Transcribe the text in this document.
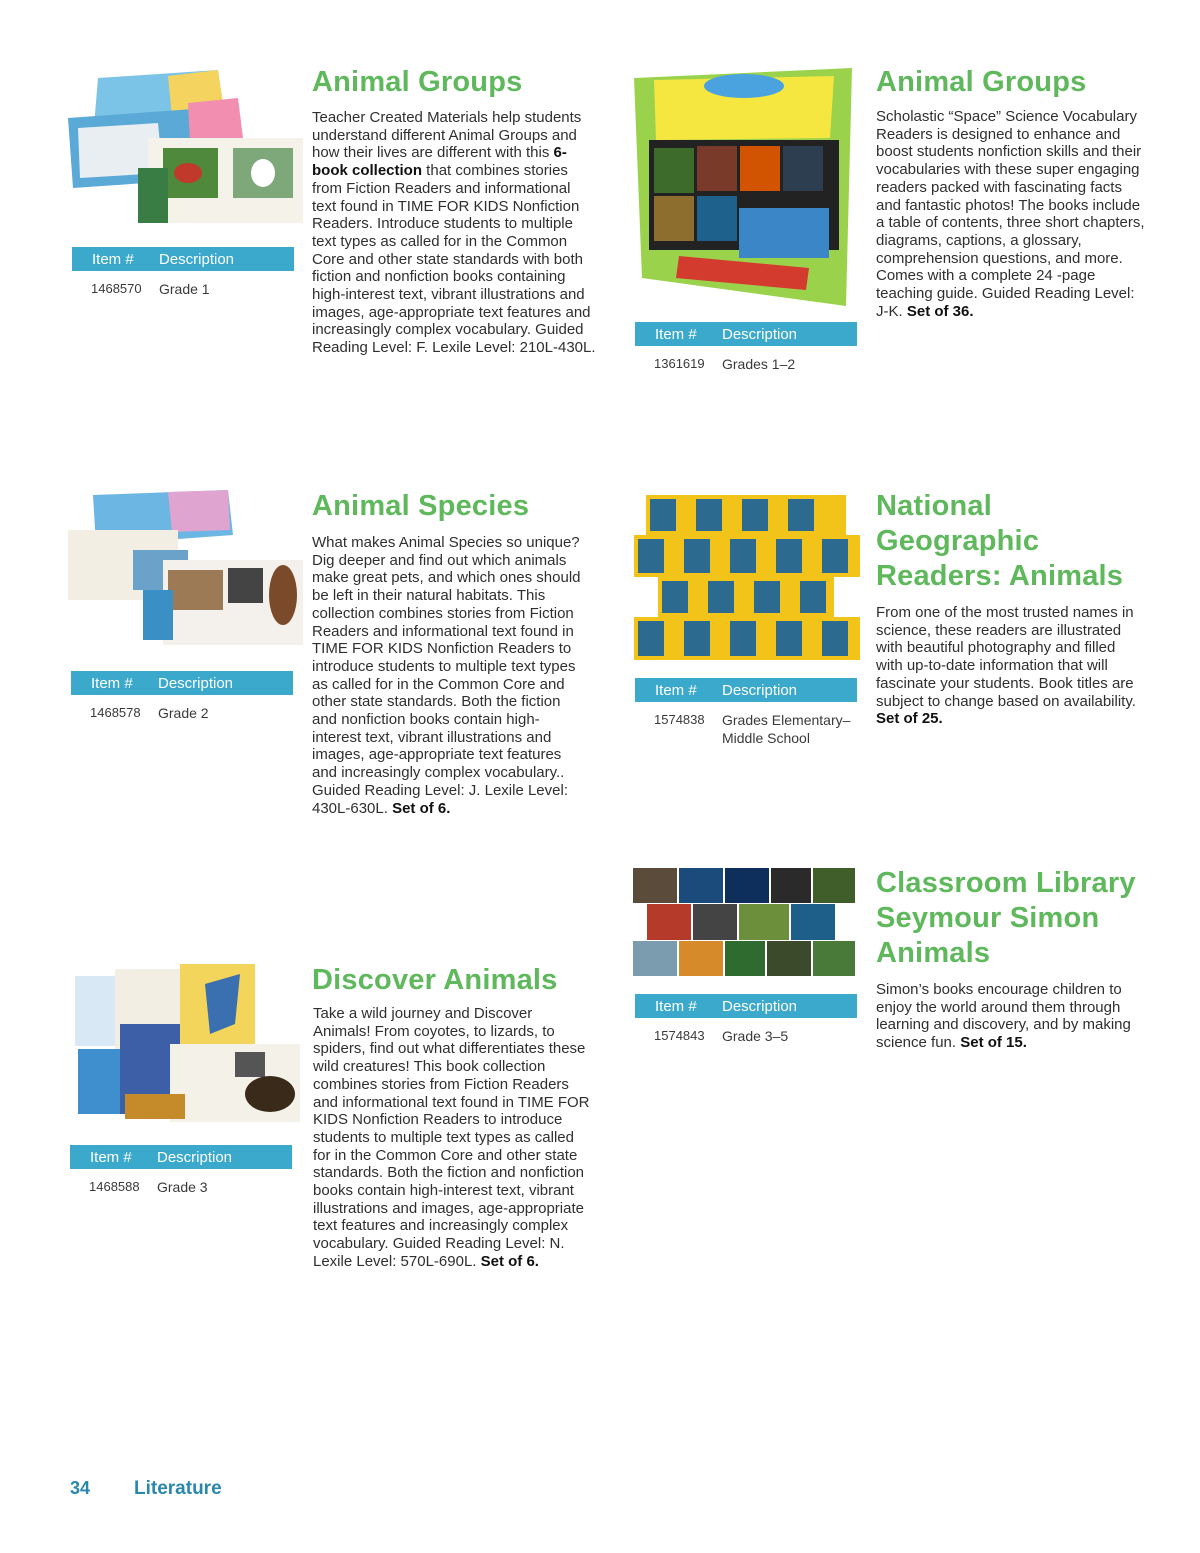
Item #	Description
1468570	Grade 1
Animal Groups

Teacher Created Materials help students understand different Animal Groups and how their lives are different with this 6-book collection that combines stories from Fiction Readers and informational text found in TIME FOR KIDS Nonfiction Readers. Introduce students to multiple text types as called for in the Common Core and other state standards with both fiction and nonfiction books containing high-interest text, vibrant illustrations and images, age-appropriate text features and increasingly complex vocabulary. Guided Reading Level: F. Lexile Level: 210L-430L.

Item #	Description
1361619	Grades 1–2
Animal Groups

Scholastic “Space” Science Vocabulary Readers is designed to enhance and boost students nonfiction skills and their vocabularies with these super engaging readers packed with fascinating facts and fantastic photos! The books include a table of contents, three short chapters, diagrams, captions, a glossary, comprehension questions, and more. Comes with a complete 24 -page teaching guide. Guided Reading Level: J-K. Set of 36.

Item #	Description
1468578	Grade 2
Animal Species

What makes Animal Species so unique? Dig deeper and find out which animals make great pets, and which ones should be left in their natural habitats. This collection combines stories from Fiction Readers and informational text found in TIME FOR KIDS Nonfiction Readers to introduce students to multiple text types as called for in the Common Core and other state standards. Both the fiction and nonfiction books contain high-interest text, vibrant illustrations and images, age-appropriate text features and increasingly complex vocabulary.. Guided Reading Level: J. Lexile Level: 430L-630L. Set of 6.

Item #	Description
1574838	Grades Elementary– Middle School
National Geographic Readers: Animals

From one of the most trusted names in science, these readers are illustrated with beautiful photography and filled with up-to-date information that will fascinate your students. Book titles are subject to change based on availability. Set of 25.

Item #	Description
1574843	Grade 3–5
Classroom Library Seymour Simon Animals

Simon’s books encourage children to enjoy the world around them through learning and discovery, and by making science fun. Set of 15.

Item #	Description
1468588	Grade 3
Discover Animals

Take a wild journey and Discover Animals! From coyotes, to lizards, to spiders, find out what differentiates these wild creatures! This book collection combines stories from Fiction Readers and informational text found in TIME FOR KIDS Nonfiction Readers to introduce students to multiple text types as called for in the Common Core and other state standards. Both the fiction and nonfiction books contain high-interest text, vibrant illustrations and images, age-appropriate text features and increasingly complex vocabulary. Guided Reading Level: N. Lexile Level: 570L-690L. Set of 6.

34 Literature
